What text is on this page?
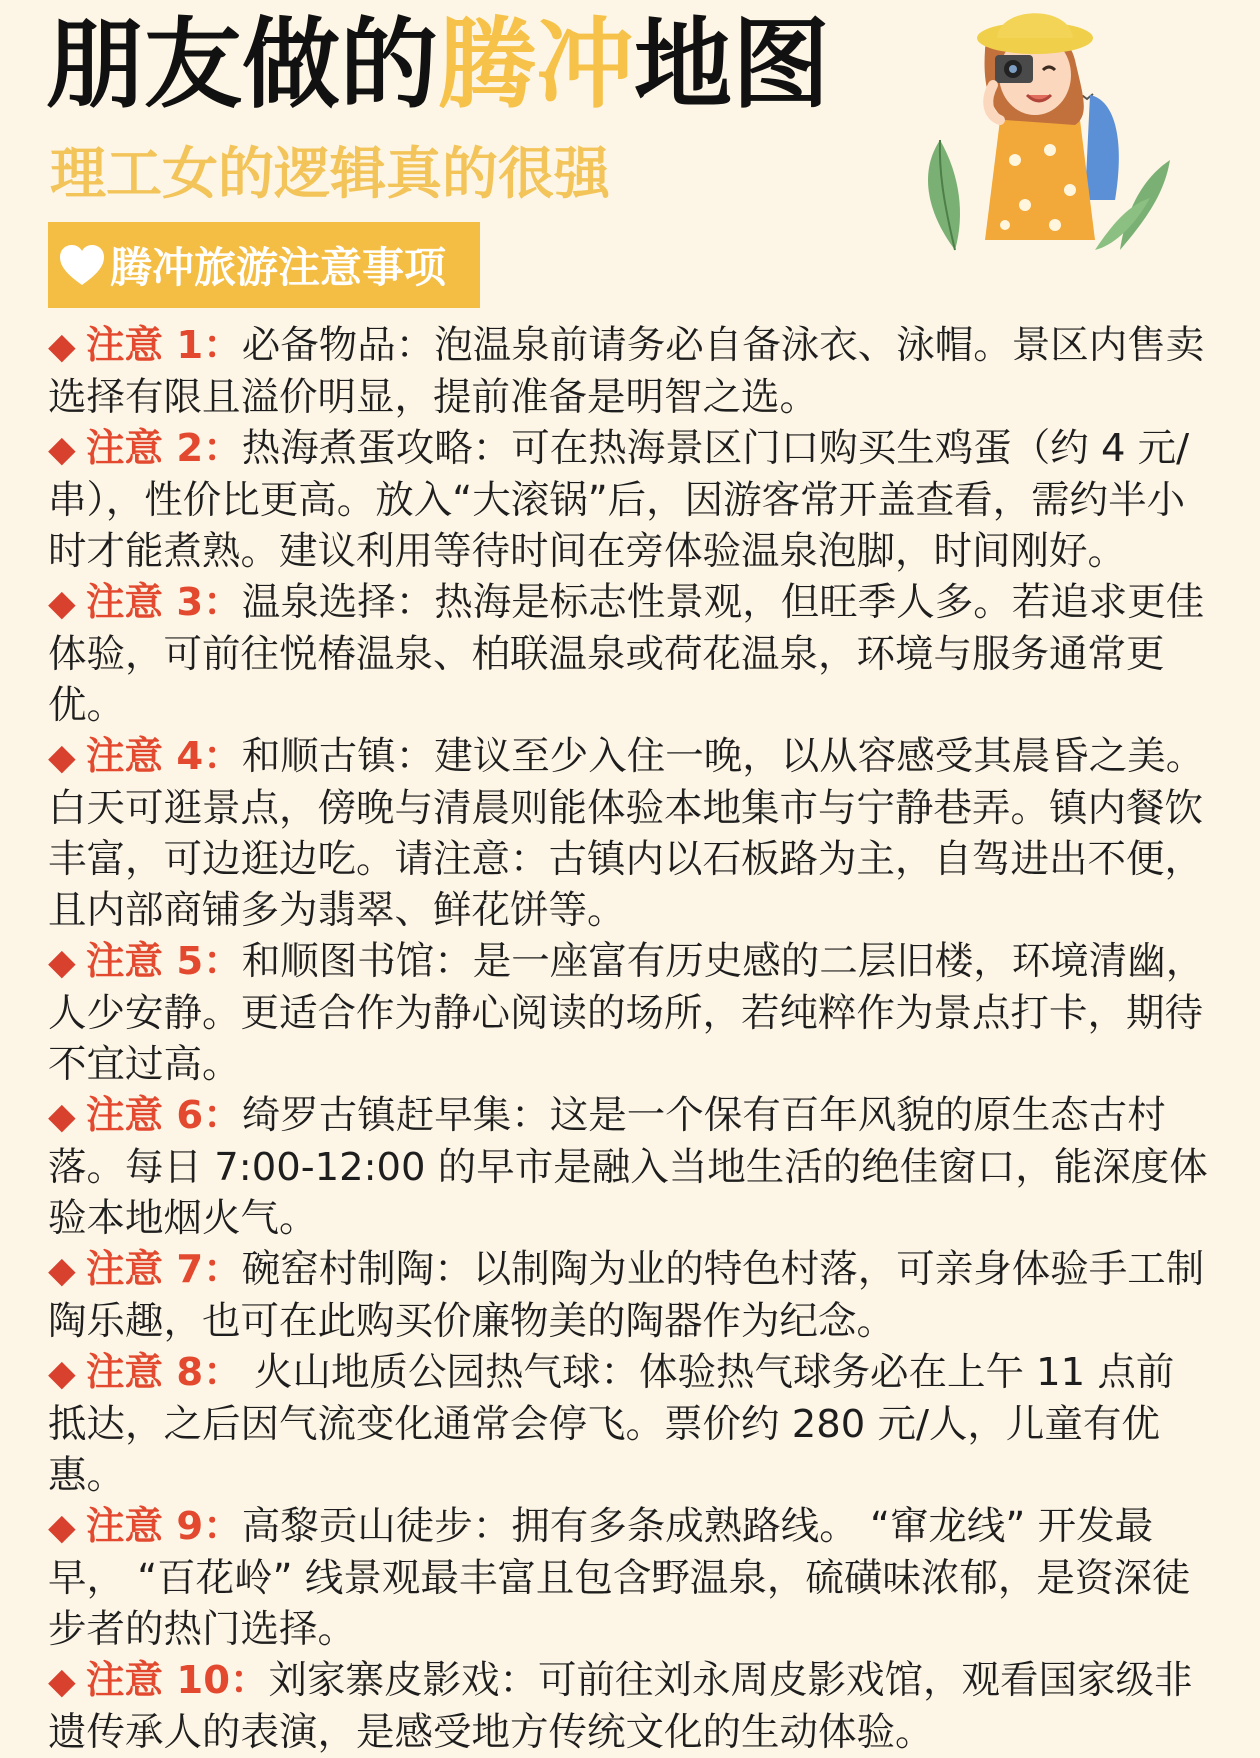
朋友做的腾冲地图
理工女的逻辑真的很强
腾冲旅游注意事项

◆ 注意 1：必备物品：泡温泉前请务必自备泳衣、泳帽。景区内售卖选择有限且溢价明显，提前准备是明智之选。

◆ 注意 2：热海煮蛋攻略：可在热海景区门口购买生鸡蛋（约 4 元/串），性价比更高。放入“大滚锅”后，因游客常开盖查看，需约半小时才能煮熟。建议利用等待时间在旁体验温泉泡脚，时间刚好。

◆ 注意 3：温泉选择：热海是标志性景观，但旺季人多。若追求更佳体验，可前往悦椿温泉、柏联温泉或荷花温泉，环境与服务通常更优。

◆ 注意 4：和顺古镇：建议至少入住一晚，以从容感受其晨昏之美。白天可逛景点，傍晚与清晨则能体验本地集市与宁静巷弄。镇内餐饮丰富，可边逛边吃。请注意：古镇内以石板路为主，自驾进出不便，且内部商铺多为翡翠、鲜花饼等。

◆ 注意 5：和顺图书馆：是一座富有历史感的二层旧楼，环境清幽，人少安静。更适合作为静心阅读的场所，若纯粹作为景点打卡，期待不宜过高。

◆ 注意 6：绮罗古镇赶早集：这是一个保有百年风貌的原生态古村落。每日 7:00-12:00 的早市是融入当地生活的绝佳窗口，能深度体验本地烟火气。

◆ 注意 7：碗窑村制陶：以制陶为业的特色村落，可亲身体验手工制陶乐趣，也可在此购买价廉物美的陶器作为纪念。

◆ 注意 8： 火山地质公园热气球：体验热气球务必在上午 11 点前抵达，之后因气流变化通常会停飞。票价约 280 元/人，儿童有优惠。

◆ 注意 9：高黎贡山徒步：拥有多条成熟路线。 “窜龙线” 开发最早， “百花岭” 线景观最丰富且包含野温泉，硫磺味浓郁，是资深徒步者的热门选择。

◆ 注意 10：刘家寨皮影戏：可前往刘永周皮影戏馆，观看国家级非遗传承人的表演，是感受地方传统文化的生动体验。
